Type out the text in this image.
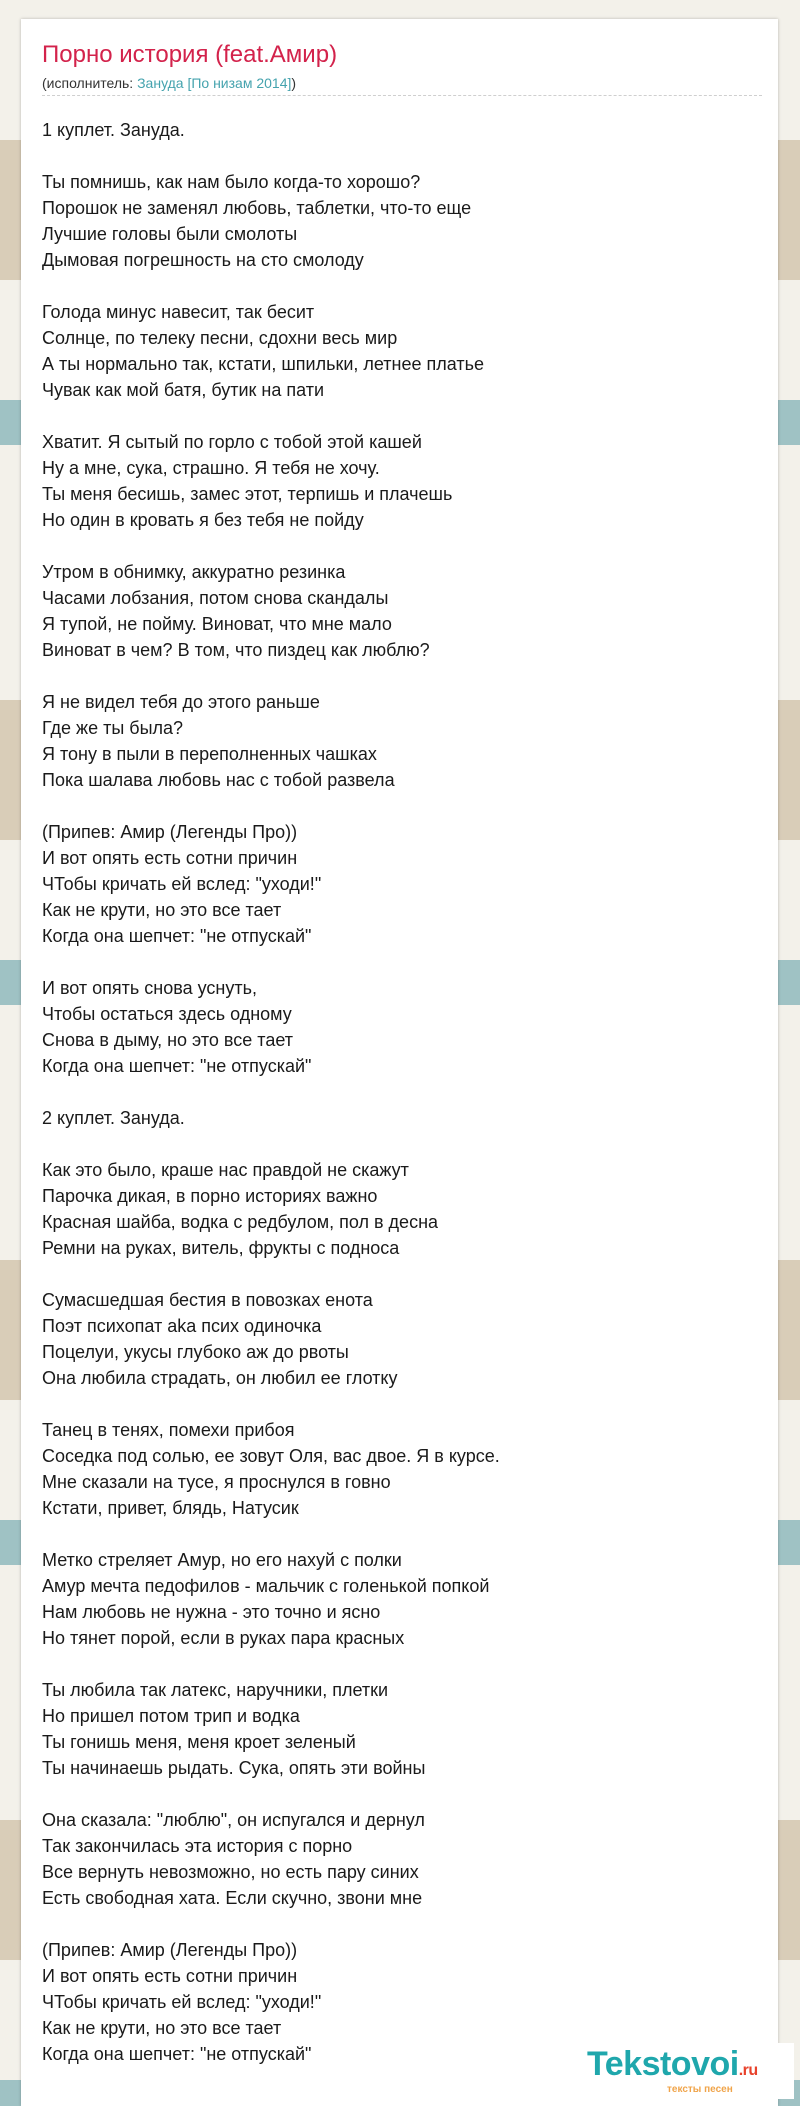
Порно история (feat.Амир)
(исполнитель: Зануда [По низам 2014])
1 куплет. Зануда.
Ты помнишь, как нам было когда-то хорошо?
Порошок не заменял любовь, таблетки, что-то еще
Лучшие головы были смолоты
Дымовая погрешность на сто смолоду
Голода минус навесит, так бесит
Солнце, по телеку песни, сдохни весь мир
А ты нормально так, кстати, шпильки, летнее платье
Чувак как мой батя, бутик на пати
Хватит. Я сытый по горло с тобой этой кашей
Ну а мне, сука, страшно. Я тебя не хочу.
Ты меня бесишь, замес этот, терпишь и плачешь
Но один в кровать я без тебя не пойду
Утром в обнимку, аккуратно резинка
Часами лобзания, потом снова скандалы
Я тупой, не пойму. Виноват, что мне мало
Виноват в чем? В том, что пиздец как люблю?
Я не видел тебя до этого раньше
Где же ты была?
Я тону в пыли в переполненных чашках
Пока шалава любовь нас с тобой развела
(Припев: Амир (Легенды Про))
И вот опять есть сотни причин
ЧТобы кричать ей вслед: "уходи!"
Как не крути, но это все тает
Когда она шепчет: "не отпускай"
И вот опять снова уснуть,
Чтобы остаться здесь одному
Снова в дыму, но это все тает
Когда она шепчет: "не отпускай"
2 куплет. Зануда.
Как это было, краше нас правдой не скажут
Парочка дикая, в порно историях важно
Красная шайба, водка с редбулом, пол в десна
Ремни на руках, витель, фрукты с подноса
Сумасшедшая бестия в повозках енота
Поэт психопат aka псих одиночка
Поцелуи, укусы глубоко аж до рвоты
Она любила страдать, он любил ее глотку
Танец в тенях, помехи прибоя
Соседка под солью, ее зовут Оля, вас двое. Я в курсе.
Мне сказали на тусе, я проснулся в говно
Кстати, привет, блядь, Натусик
Метко стреляет Амур, но его нахуй с полки
Амур мечта педофилов - мальчик с голенькой попкой
Нам любовь не нужна - это точно и ясно
Но тянет порой, если в руках пара красных
Ты любила так латекс, наручники, плетки
Но пришел потом трип и водка
Ты гонишь меня, меня кроет зеленый
Ты начинаешь рыдать. Сука, опять эти войны
Она сказала: "люблю", он испугался и дернул
Так закончилась эта история с порно
Все вернуть невозможно, но есть пару синих
Есть свободная хата. Если скучно, звони мне
(Припев: Амир (Легенды Про))
И вот опять есть сотни причин
ЧТобы кричать ей вслед: "уходи!"
Как не крути, но это все тает
Когда она шепчет: "не отпускай"	Tekstovoi.ru
тексты песен
